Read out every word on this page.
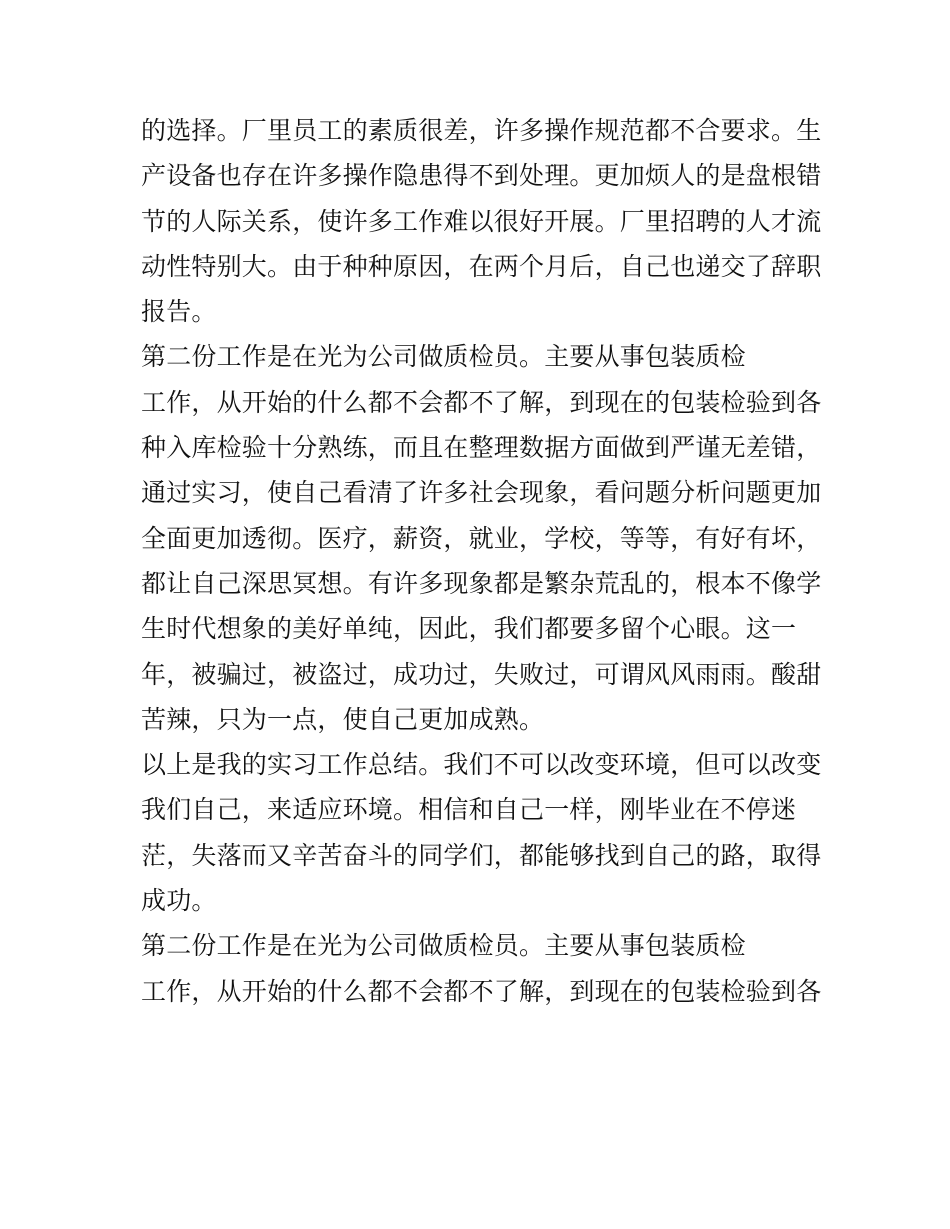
的选择。厂里员工的素质很差，许多操作规范都不合要求。生
产设备也存在许多操作隐患得不到处理。更加烦人的是盘根错
节的人际关系，使许多工作难以很好开展。厂里招聘的人才流
动性特别大。由于种种原因，在两个月后，自己也递交了辞职
报告。
第二份工作是在光为公司做质检员。主要从事包装质检
工作，从开始的什么都不会都不了解，到现在的包装检验到各
种入库检验十分熟练，而且在整理数据方面做到严谨无差错，
通过实习，使自己看清了许多社会现象，看问题分析问题更加
全面更加透彻。医疗，薪资，就业，学校，等等，有好有坏，
都让自己深思冥想。有许多现象都是繁杂荒乱的，根本不像学
生时代想象的美好单纯，因此，我们都要多留个心眼。这一
年，被骗过，被盗过，成功过，失败过，可谓风风雨雨。酸甜
苦辣，只为一点，使自己更加成熟。
以上是我的实习工作总结。我们不可以改变环境，但可以改变
我们自己，来适应环境。相信和自己一样，刚毕业在不停迷
茫，失落而又辛苦奋斗的同学们，都能够找到自己的路，取得
成功。
第二份工作是在光为公司做质检员。主要从事包装质检
工作，从开始的什么都不会都不了解，到现在的包装检验到各
